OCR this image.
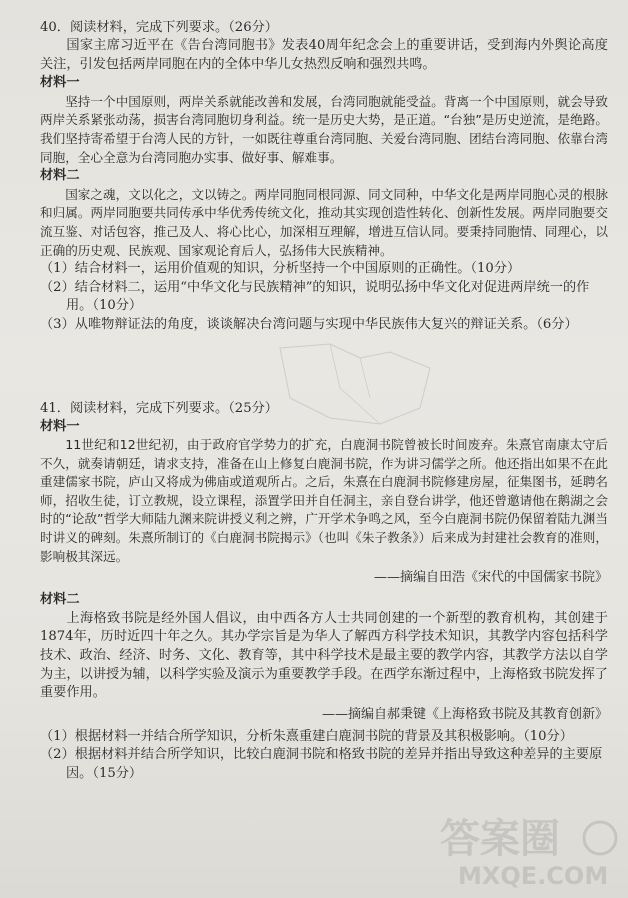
40．阅读材料，完成下列要求。（26分）

国家主席习近平在《告台湾同胞书》发表40周年纪念会上的重要讲话，受到海内外舆论高度关注，引发包括两岸同胞在内的全体中华儿女热烈反响和强烈共鸣。

材料一

坚持一个中国原则，两岸关系就能改善和发展，台湾同胞就能受益。背离一个中国原则，就会导致两岸关系紧张动荡，损害台湾同胞切身利益。统一是历史大势，是正道。“台独”是历史逆流，是绝路。我们坚持寄希望于台湾人民的方针，一如既往尊重台湾同胞、关爱台湾同胞、团结台湾同胞、依靠台湾同胞，全心全意为台湾同胞办实事、做好事、解难事。

材料二

国家之魂，文以化之，文以铸之。两岸同胞同根同源、同文同种，中华文化是两岸同胞心灵的根脉和归属。两岸同胞要共同传承中华优秀传统文化，推动其实现创造性转化、创新性发展。两岸同胞要交流互鉴、对话包容，推己及人、将心比心，加深相互理解，增进互信认同。要秉持同胞情、同理心，以正确的历史观、民族观、国家观论育后人，弘扬伟大民族精神。

（1）结合材料一，运用价值观的知识，分析坚持一个中国原则的正确性。（10分）

（2）结合材料二，运用“中华文化与民族精神”的知识，说明弘扬中华文化对促进两岸统一的作用。（10分）

（3）从唯物辩证法的角度，谈谈解决台湾问题与实现中华民族伟大复兴的辩证关系。（6分）

41．阅读材料，完成下列要求。（25分）

材料一

11世纪和12世纪初，由于政府官学势力的扩充，白鹿洞书院曾被长时间废弃。朱熹官南康太守后不久，就奏请朝廷，请求支持，准备在山上修复白鹿洞书院，作为讲习儒学之所。他还指出如果不在此重建儒家书院，庐山又将成为佛庙或道观所占。之后，朱熹在白鹿洞书院修建房屋，征集图书，延聘名师，招收生徒，订立教规，设立课程，添置学田并自任洞主，亲自登台讲学，他还曾邀请他在鹅湖之会时的“论敌”哲学大师陆九渊来院讲授义利之辨，广开学术争鸣之风，至今白鹿洞书院仍保留着陆九渊当时讲义的碑刻。朱熹所制订的《白鹿洞书院揭示》（也叫《朱子教条》）后来成为封建社会教育的准则，影响极其深远。

——摘编自田浩《宋代的中国儒家书院》

材料二

上海格致书院是经外国人倡议，由中西各方人士共同创建的一个新型的教育机构，其创建于1874年，历时近四十年之久。其办学宗旨是为华人了解西方科学技术知识，其教学内容包括科学技术、政治、经济、时务、文化、教育等，其中科学技术是最主要的教学内容，其教学方法以自学为主，以讲授为辅，以科学实验及演示为重要教学手段。在西学东渐过程中，上海格致书院发挥了重要作用。

——摘编自郝秉键《上海格致书院及其教育创新》

（1）根据材料一并结合所学知识，分析朱熹重建白鹿洞书院的背景及其积极影响。（10分）

（2）根据材料并结合所学知识，比较白鹿洞书院和格致书院的差异并指出导致这种差异的主要原因。（15分）

答案圈
MXQE.COM
